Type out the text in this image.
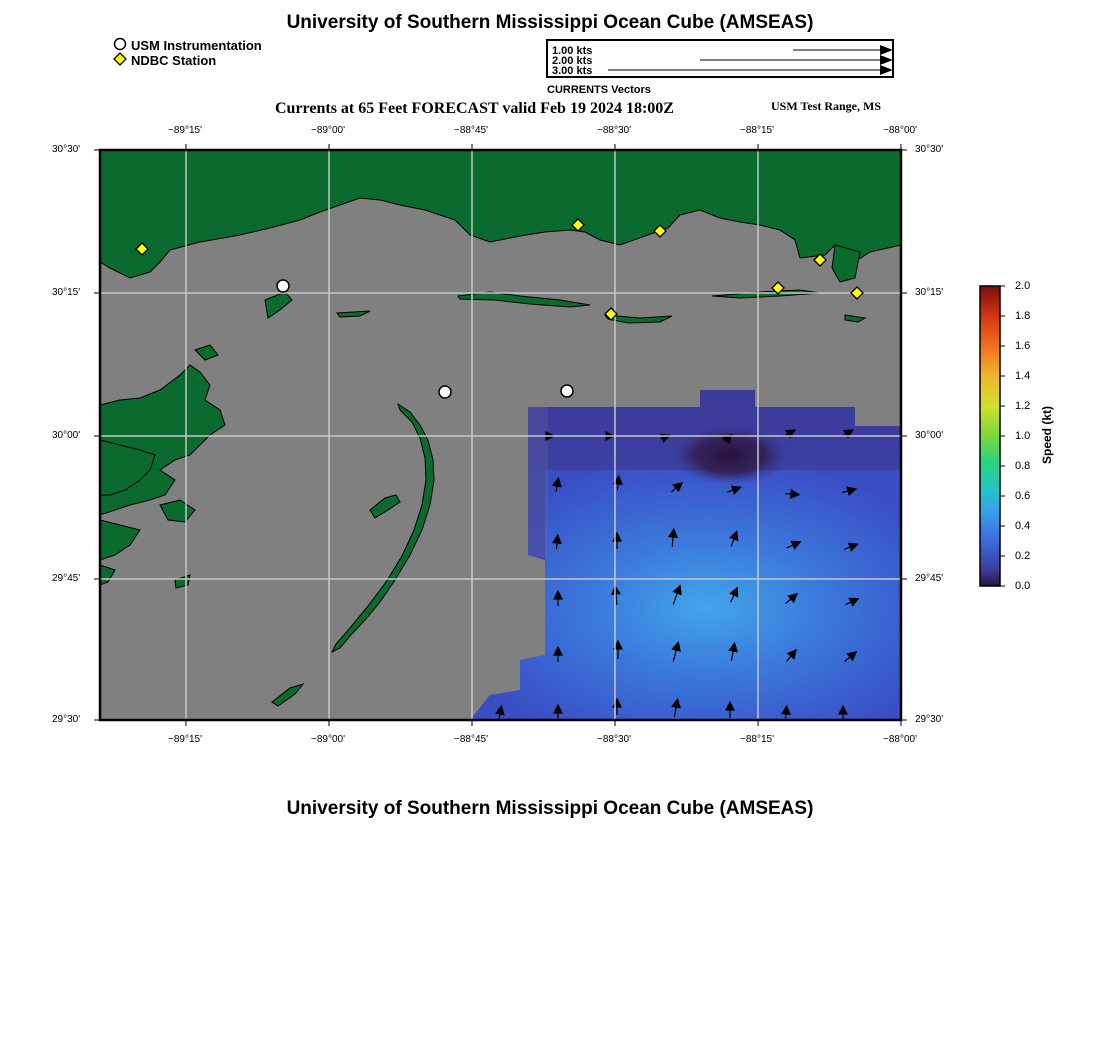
University of Southern Mississippi Ocean Cube (AMSEAS)
USM Instrumentation
NDBC Station
1.00 kts
2.00 kts
3.00 kts
CURRENTS Vectors
Currents at 65 Feet FORECAST valid Feb 19 2024 18:00Z	USM Test Range, MS
−89°15'	−89°00'	−88°45'	−88°30'	−88°15'	−88°00'
−89°15'	−89°00'	−88°45'	−88°30'	−88°15'	−88°00'
30°30'
30°15'
30°00'
29°45'
29°30'
30°30'
30°15'
30°00'
29°45'
29°30'
2.0
1.8
1.6
1.4
1.2
1.0
0.8
0.6
0.4
0.2
0.0
Speed (kt)
University of Southern Mississippi Ocean Cube (AMSEAS)
